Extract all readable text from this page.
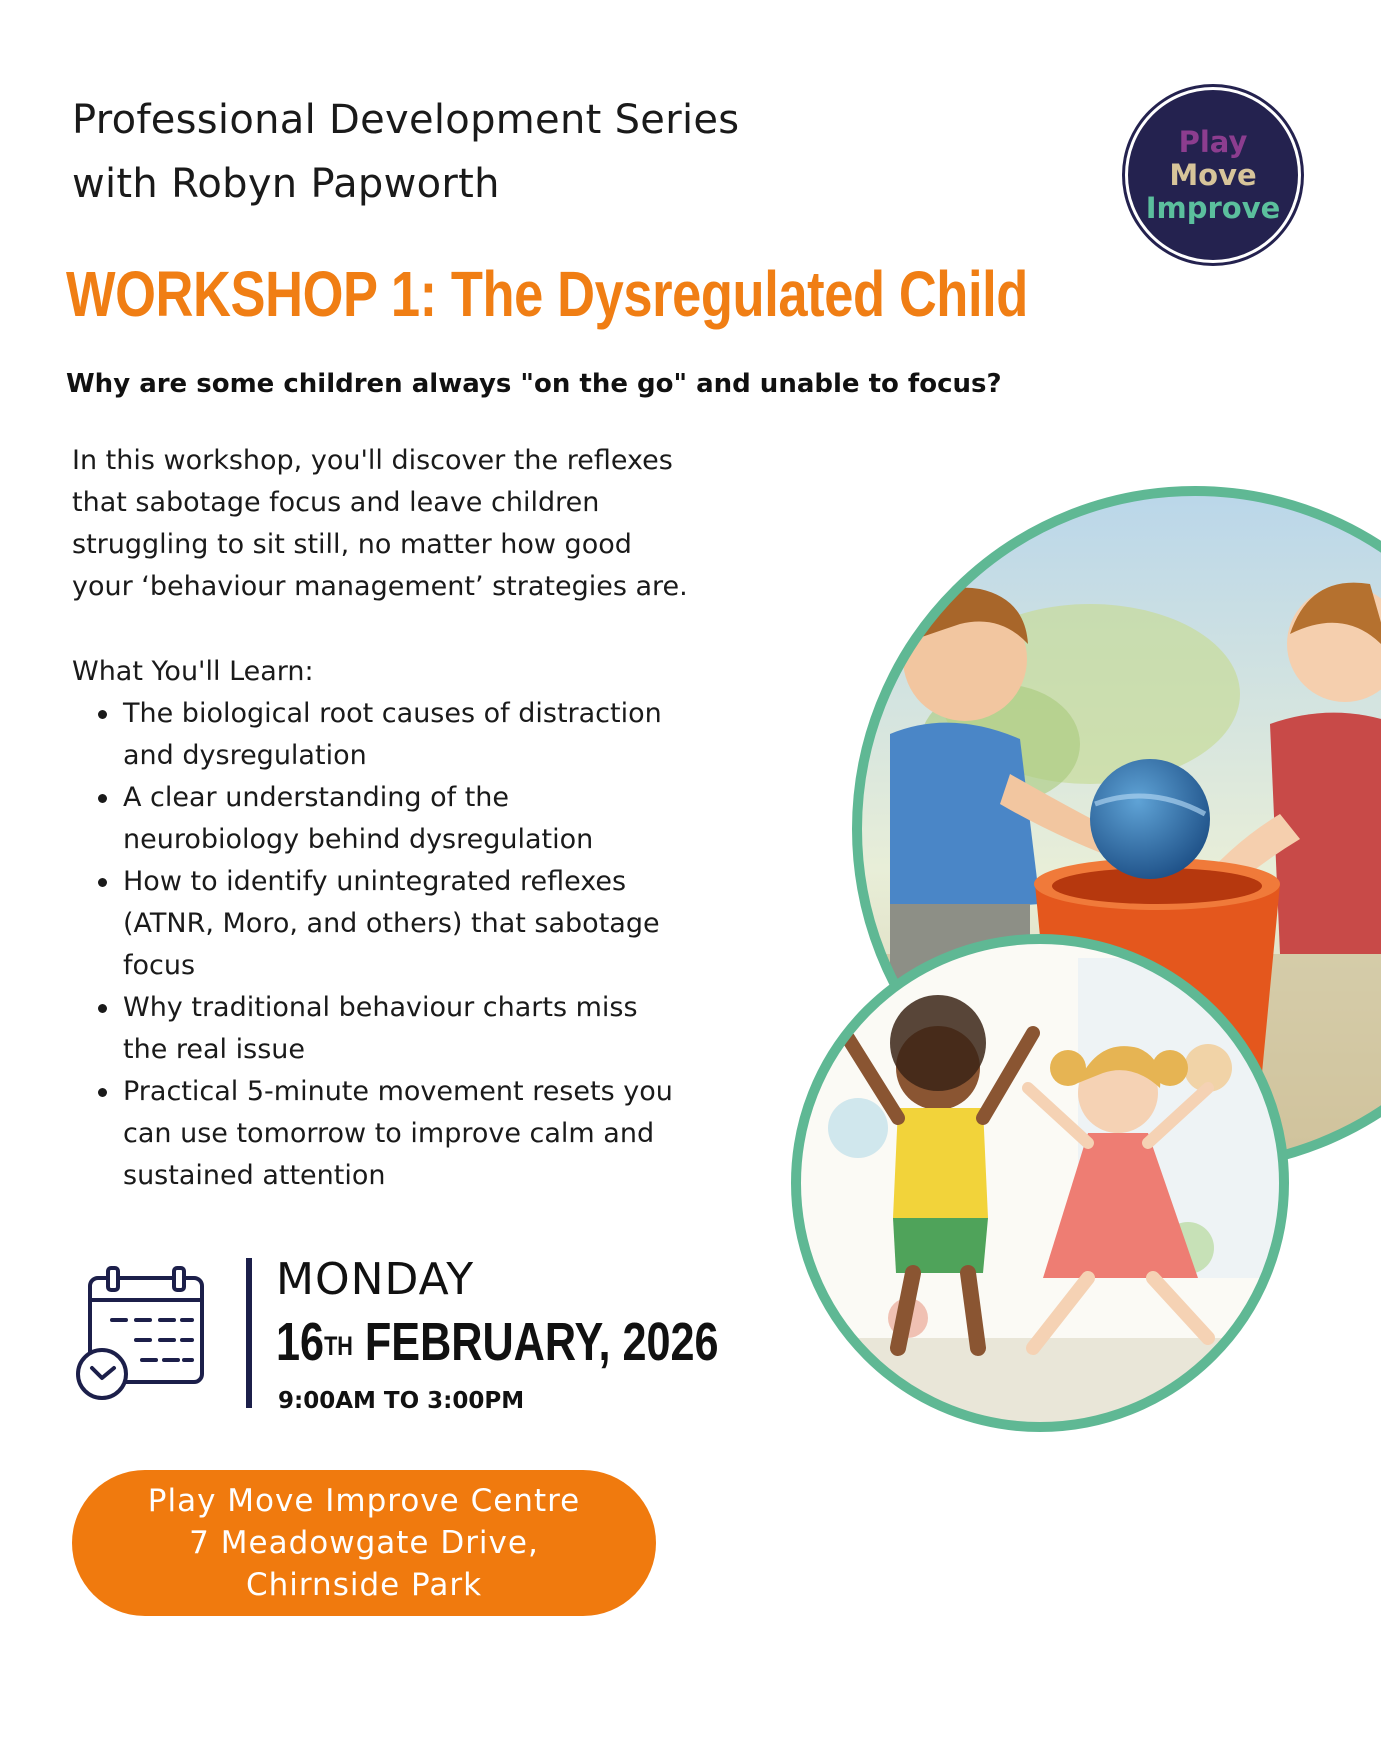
Professional Development Series
with Robyn Papworth
Play
Move
Improve
WORKSHOP 1: The Dysregulated Child
Why are some children always "on the go" and unable to focus?
In this workshop, you'll discover the reflexes
that sabotage focus and leave children
struggling to sit still, no matter how good
your ‘behaviour management’ strategies are.
What You'll Learn:
The biological root causes of distraction
and dysregulation
A clear understanding of the
neurobiology behind dysregulation
How to identify unintegrated reflexes
(ATNR, Moro, and others) that sabotage
focus
Why traditional behaviour charts miss
the real issue
Practical 5-minute movement resets you
can use tomorrow to improve calm and
sustained attention
MONDAY
16TH FEBRUARY, 2026
9:00AM TO 3:00PM
Play Move Improve Centre
7 Meadowgate Drive,
Chirnside Park
